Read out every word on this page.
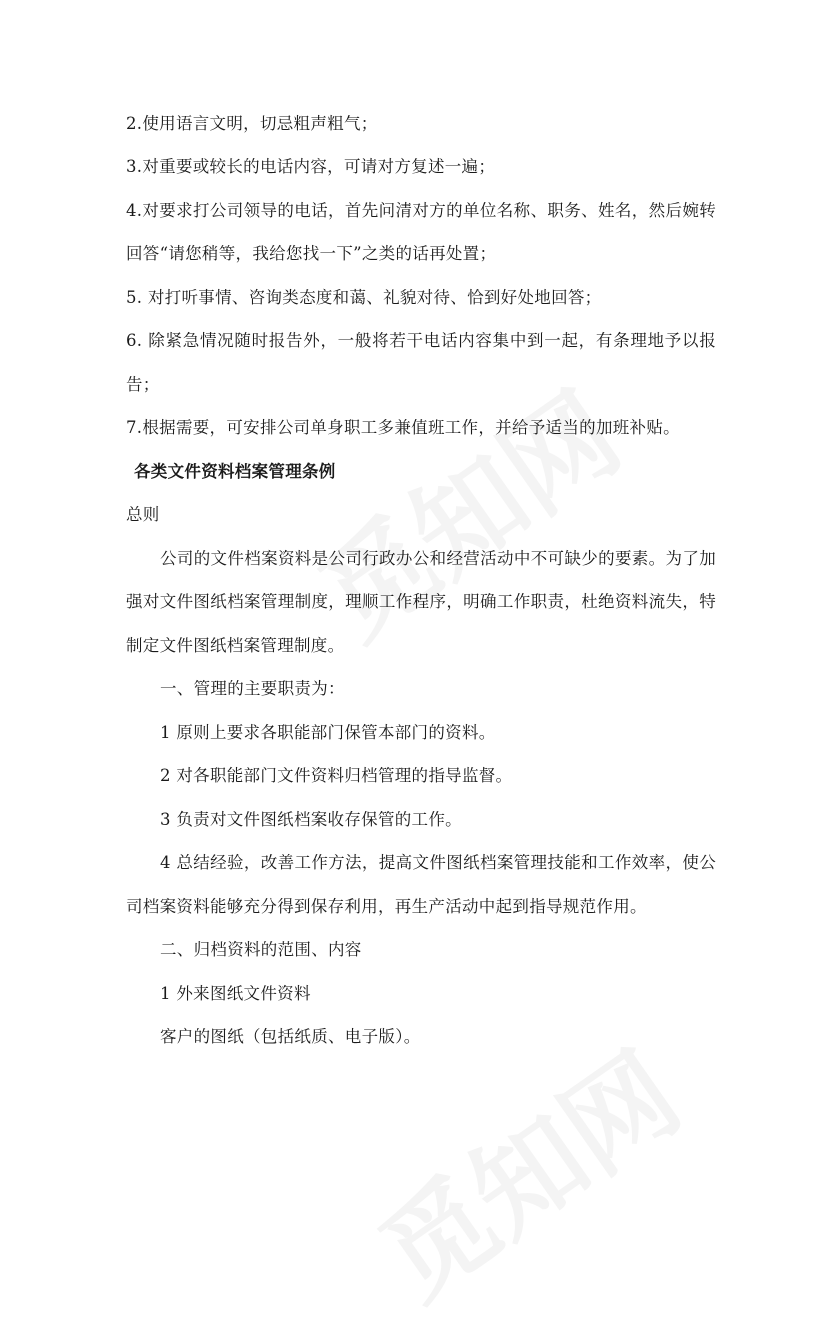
2.使用语言文明，切忌粗声粗气；
3.对重要或较长的电话内容，可请对方复述一遍；
4.对要求打公司领导的电话，首先问清对方的单位名称、职务、姓名，然后婉转
回答“请您稍等，我给您找一下”之类的话再处置；
5. 对打听事情、咨询类态度和蔼、礼貌对待、恰到好处地回答；
6. 除紧急情况随时报告外，一般将若干电话内容集中到一起，有条理地予以报
告；
7.根据需要，可安排公司单身职工多兼值班工作，并给予适当的加班补贴。
各类文件资料档案管理条例
总则
公司的文件档案资料是公司行政办公和经营活动中不可缺少的要素。为了加
强对文件图纸档案管理制度，理顺工作程序，明确工作职责，杜绝资料流失，特
制定文件图纸档案管理制度。
一、管理的主要职责为：
1 原则上要求各职能部门保管本部门的资料。
2 对各职能部门文件资料归档管理的指导监督。
3 负责对文件图纸档案收存保管的工作。
4 总结经验，改善工作方法，提高文件图纸档案管理技能和工作效率，使公
司档案资料能够充分得到保存利用，再生产活动中起到指导规范作用。
二、归档资料的范围、内容
1 外来图纸文件资料
客户的图纸（包括纸质、电子版）。
